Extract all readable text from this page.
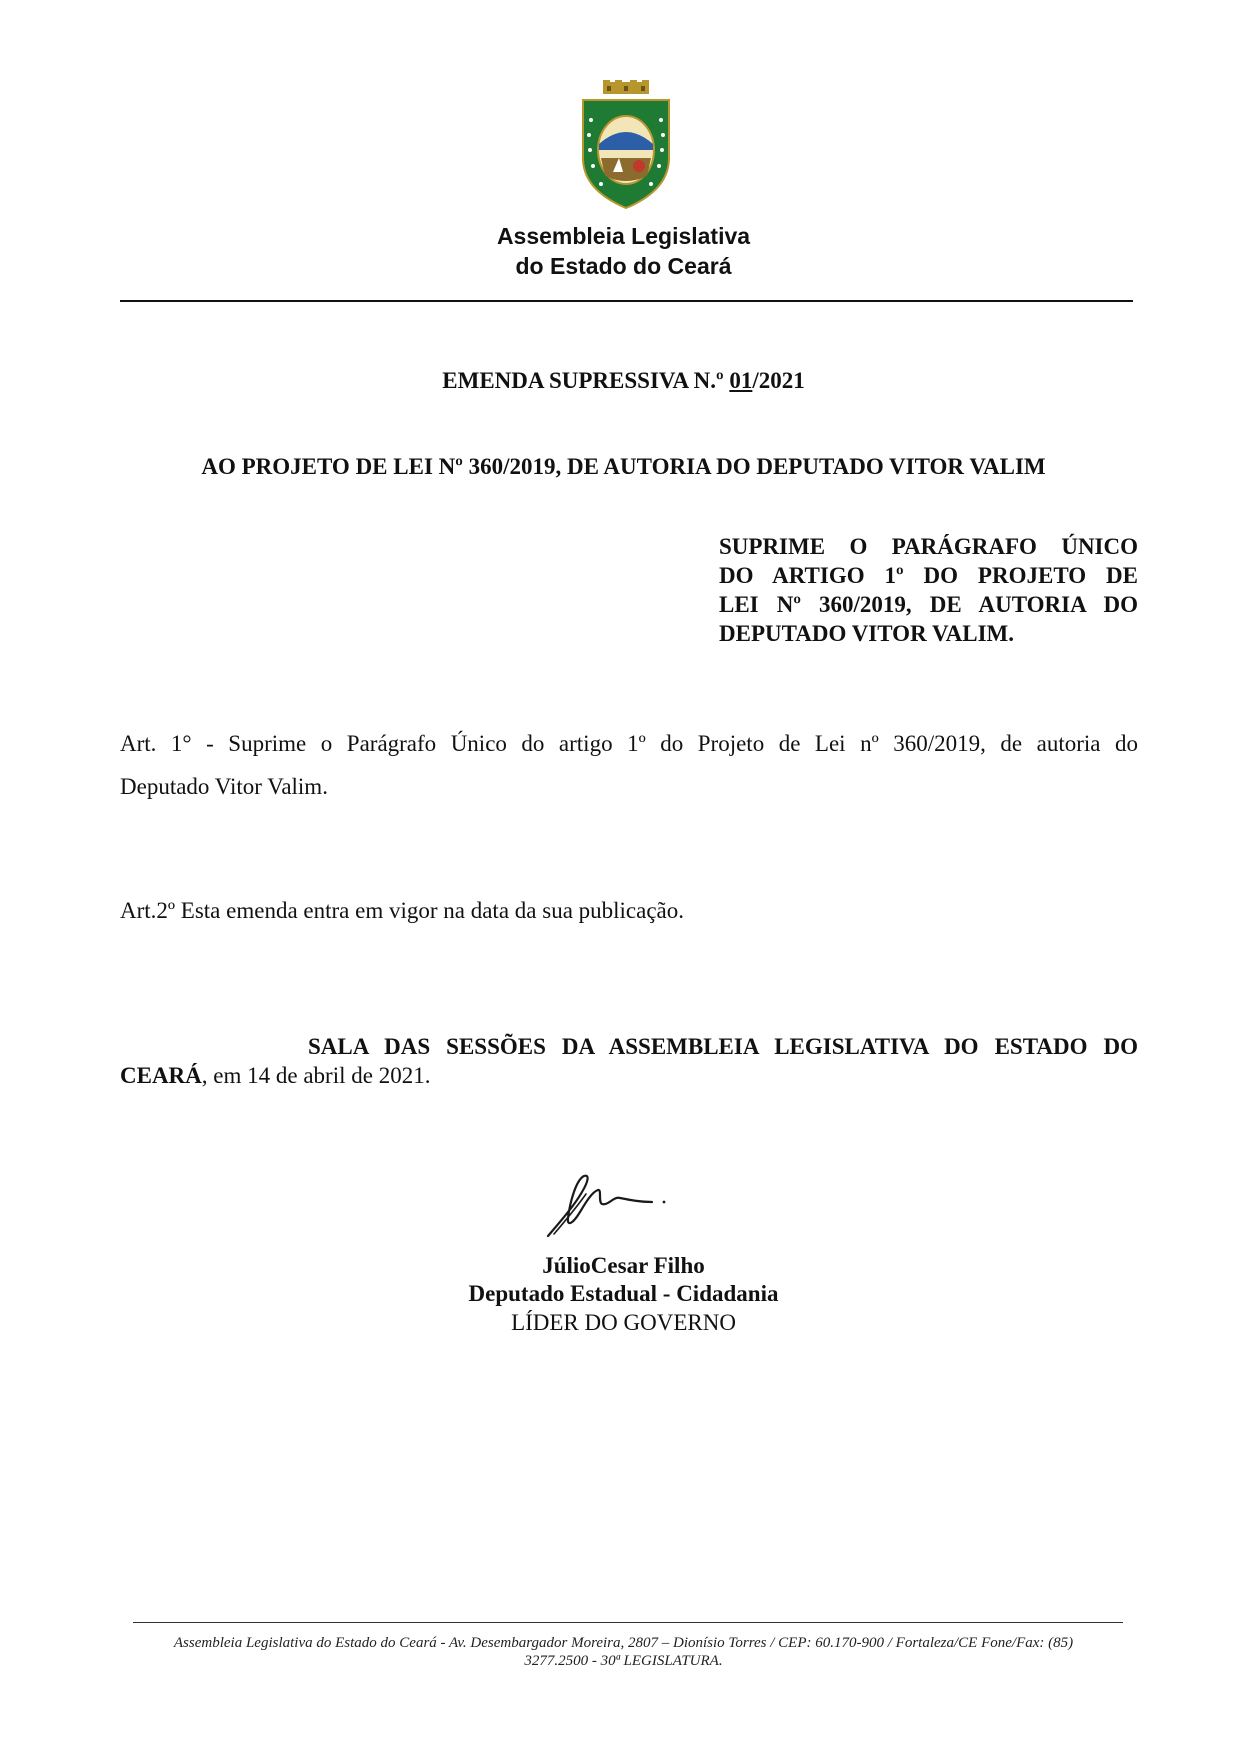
Assembleia Legislativa
do Estado do Ceará
EMENDA SUPRESSIVA N.º 01/2021
AO PROJETO DE LEI Nº 360/2019, DE AUTORIA DO DEPUTADO VITOR VALIM
SUPRIME O PARÁGRAFO ÚNICO
DO ARTIGO 1º DO PROJETO DE
LEI Nº 360/2019, DE AUTORIA DO
DEPUTADO VITOR VALIM.
Art. 1° - Suprime o Parágrafo Único do artigo 1º do Projeto de Lei nº 360/2019, de autoria do
Deputado Vitor Valim.
Art.2º Esta emenda entra em vigor na data da sua publicação.
SALA DAS SESSÕES DA ASSEMBLEIA LEGISLATIVA DO ESTADO DO
CEARÁ, em 14 de abril de 2021.
JúlioCesar Filho
Deputado Estadual - Cidadania
LÍDER DO GOVERNO
Assembleia Legislativa do Estado do Ceará - Av. Desembargador Moreira, 2807 – Dionísio Torres / CEP: 60.170-900 / Fortaleza/CE Fone/Fax: (85)
3277.2500 - 30ª LEGISLATURA.
